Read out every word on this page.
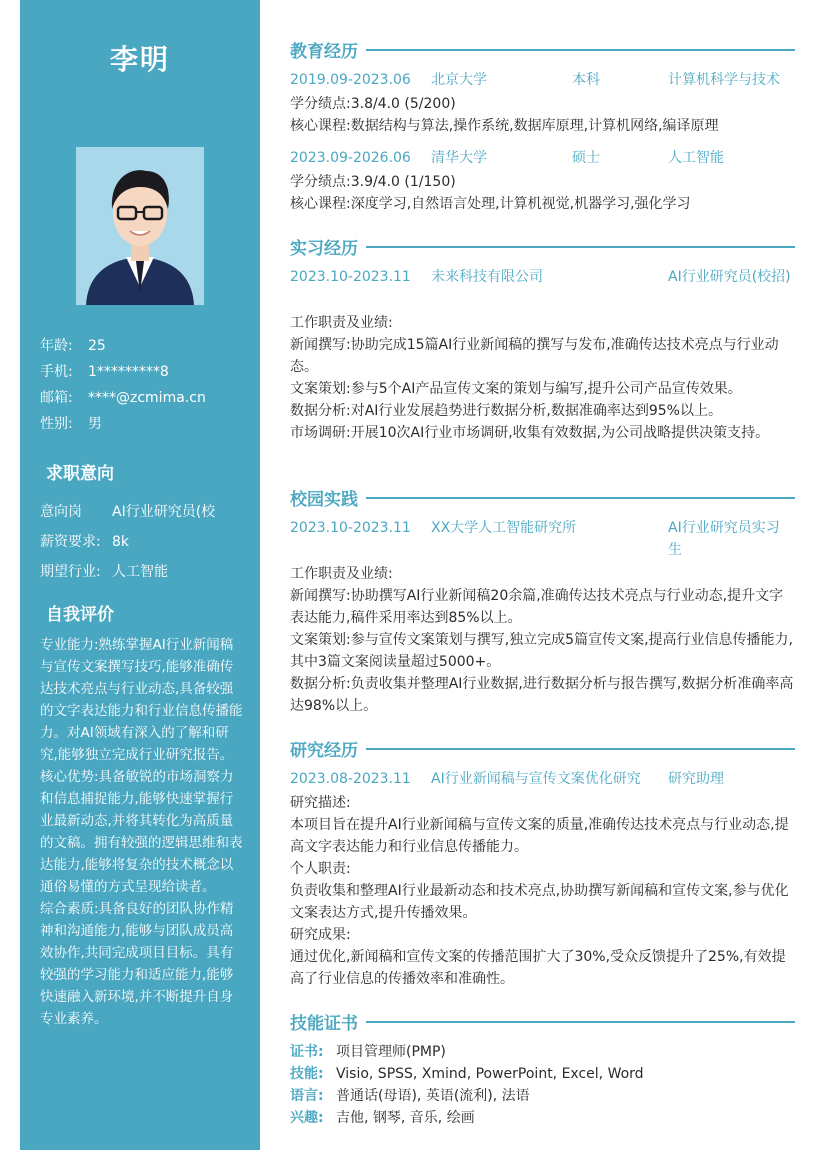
李明
年龄:	25
手机:	1*********8
邮箱:	****@zcmima.cn
性别:	男
求职意向
意向岗	AI行业研究员(校
薪资要求: 8k
期望行业: 人工智能
自我评价

专业能力:熟练掌握AI行业新闻稿与宣传文案撰写技巧,能够准确传达技术亮点与行业动态,具备较强的文字表达能力和行业信息传播能力。对AI领域有深入的了解和研究,能够独立完成行业研究报告。

核心优势:具备敏锐的市场洞察力和信息捕捉能力,能够快速掌握行业最新动态,并将其转化为高质量的文稿。拥有较强的逻辑思维和表达能力,能够将复杂的技术概念以通俗易懂的方式呈现给读者。

综合素质:具备良好的团队协作精神和沟通能力,能够与团队成员高效协作,共同完成项目目标。具有较强的学习能力和适应能力,能够快速融入新环境,并不断提升自身专业素养。

教育经历
2019.09-2023.06 北京大学	本科	计算机科学与技术

学分绩点:3.8/4.0 (5/200)

核心课程:数据结构与算法,操作系统,数据库原理,计算机网络,编译原理

2023.09-2026.06 清华大学	硕士	人工智能

学分绩点:3.9/4.0 (1/150)

核心课程:深度学习,自然语言处理,计算机视觉,机器学习,强化学习

实习经历
2023.10-2023.11 未来科技有限公司	AI行业研究员(校招)

工作职责及业绩:

新闻撰写:协助完成15篇AI行业新闻稿的撰写与发布,准确传达技术亮点与行业动态。

文案策划:参与5个AI产品宣传文案的策划与编写,提升公司产品宣传效果。

数据分析:对AI行业发展趋势进行数据分析,数据准确率达到95%以上。

市场调研:开展10次AI行业市场调研,收集有效数据,为公司战略提供决策支持。

校园实践
2023.10-2023.11 XX大学人工智能研究所	AI行业研究员实习生

工作职责及业绩:

新闻撰写:协助撰写AI行业新闻稿20余篇,准确传达技术亮点与行业动态,提升文字表达能力,稿件采用率达到85%以上。

文案策划:参与宣传文案策划与撰写,独立完成5篇宣传文案,提高行业信息传播能力,其中3篇文案阅读量超过5000+。

数据分析:负责收集并整理AI行业数据,进行数据分析与报告撰写,数据分析准确率高达98%以上。

研究经历
2023.08-2023.11 AI行业新闻稿与宣传文案优化研究 研究助理

研究描述:

本项目旨在提升AI行业新闻稿与宣传文案的质量,准确传达技术亮点与行业动态,提高文字表达能力和行业信息传播能力。

个人职责:

负责收集和整理AI行业最新动态和技术亮点,协助撰写新闻稿和宣传文案,参与优化文案表达方式,提升传播效果。

研究成果:

通过优化,新闻稿和宣传文案的传播范围扩大了30%,受众反馈提升了25%,有效提高了行业信息的传播效率和准确性。

技能证书
证书: 项目管理师(PMP)
技能: Visio, SPSS, Xmind, PowerPoint, Excel, Word
语言: 普通话(母语), 英语(流利), 法语
兴趣: 吉他, 钢琴, 音乐, 绘画
